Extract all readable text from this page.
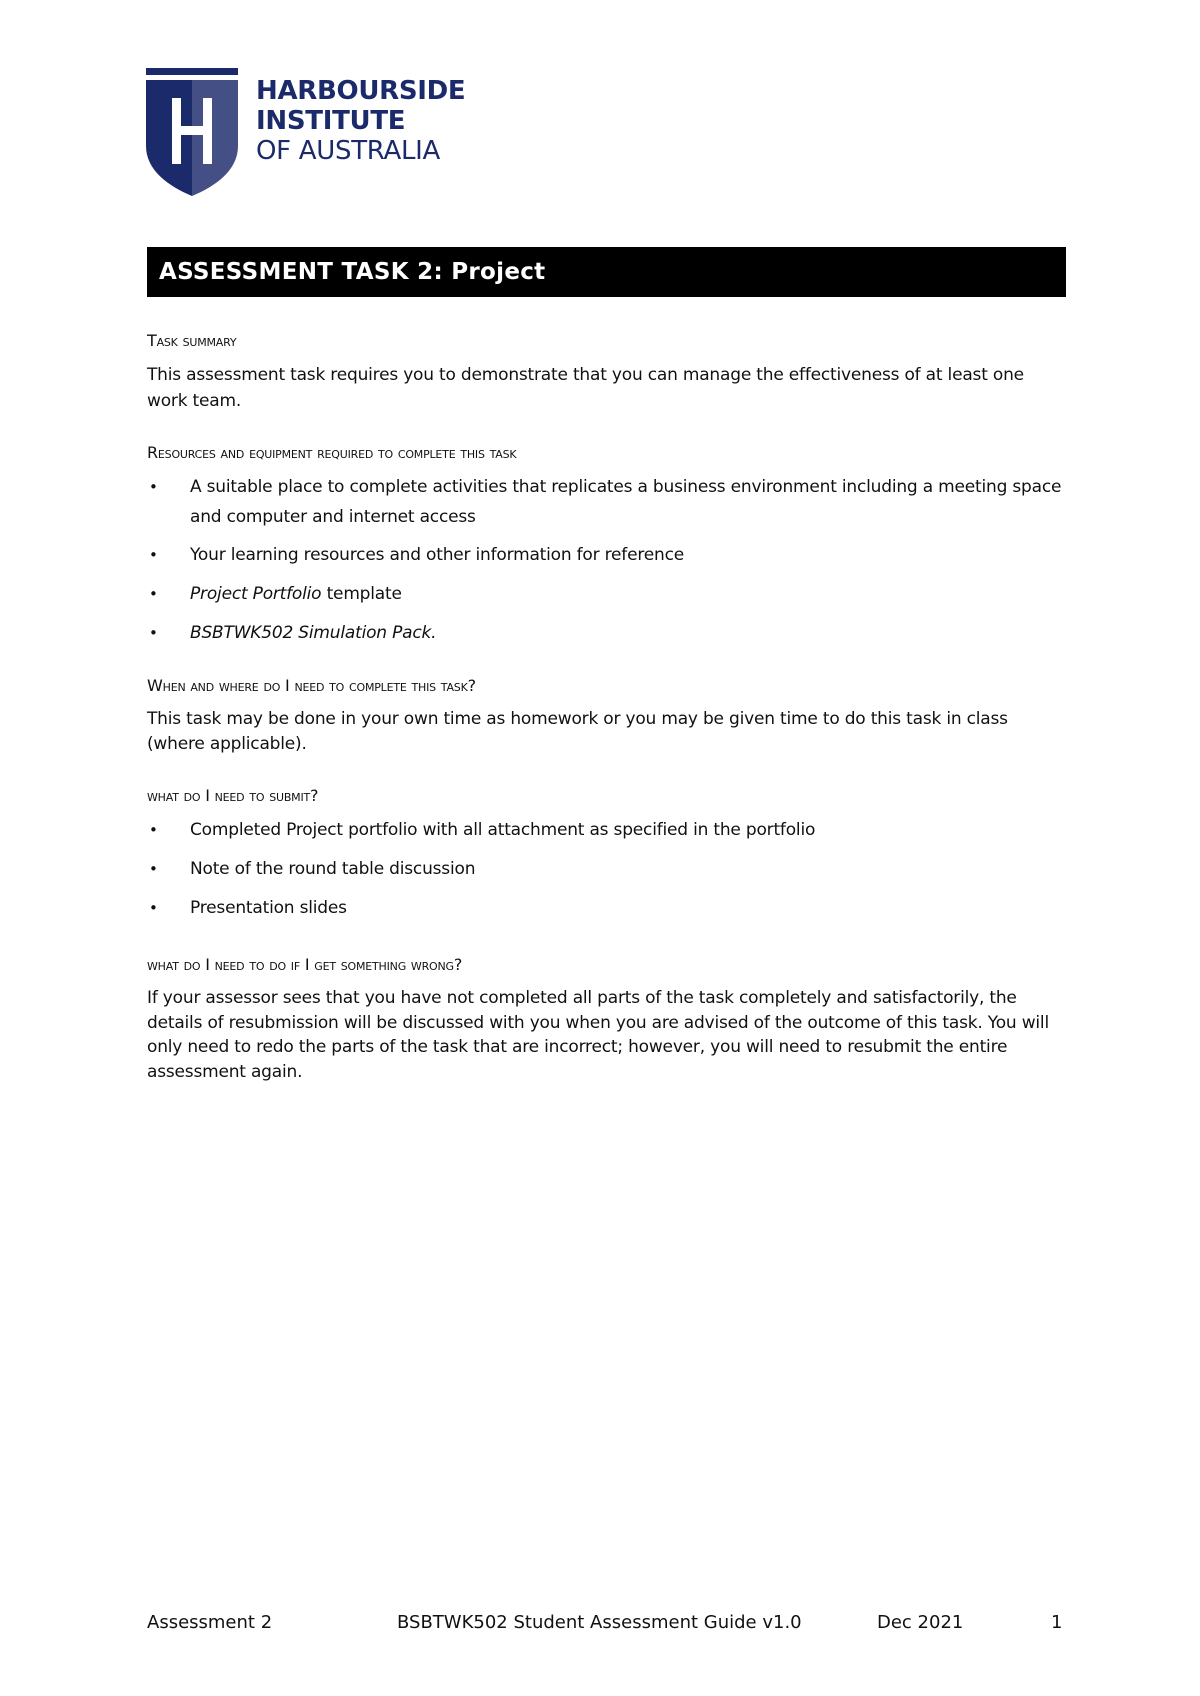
HARBOURSIDE
INSTITUTE
OF AUSTRALIA
ASSESSMENT TASK 2: Project

Task summary

This assessment task requires you to demonstrate that you can manage the effectiveness of at least one work team.

Resources and equipment required to complete this task

• A suitable place to complete activities that replicates a business environment including a meeting space and computer and internet access
• Your learning resources and other information for reference
• Project Portfolio template
• BSBTWK502 Simulation Pack.

When and where do I need to complete this task?

This task may be done in your own time as homework or you may be given time to do this task in class (where applicable).

what do I need to submit?

• Completed Project portfolio with all attachment as specified in the portfolio
• Note of the round table discussion
• Presentation slides

what do I need to do if I get something wrong?

If your assessor sees that you have not completed all parts of the task completely and satisfactorily, the details of resubmission will be discussed with you when you are advised of the outcome of this task. You will only need to redo the parts of the task that are incorrect; however, you will need to resubmit the entire assessment again.

Assessment 2	BSBTWK502 Student Assessment Guide v1.0	Dec 2021	1
